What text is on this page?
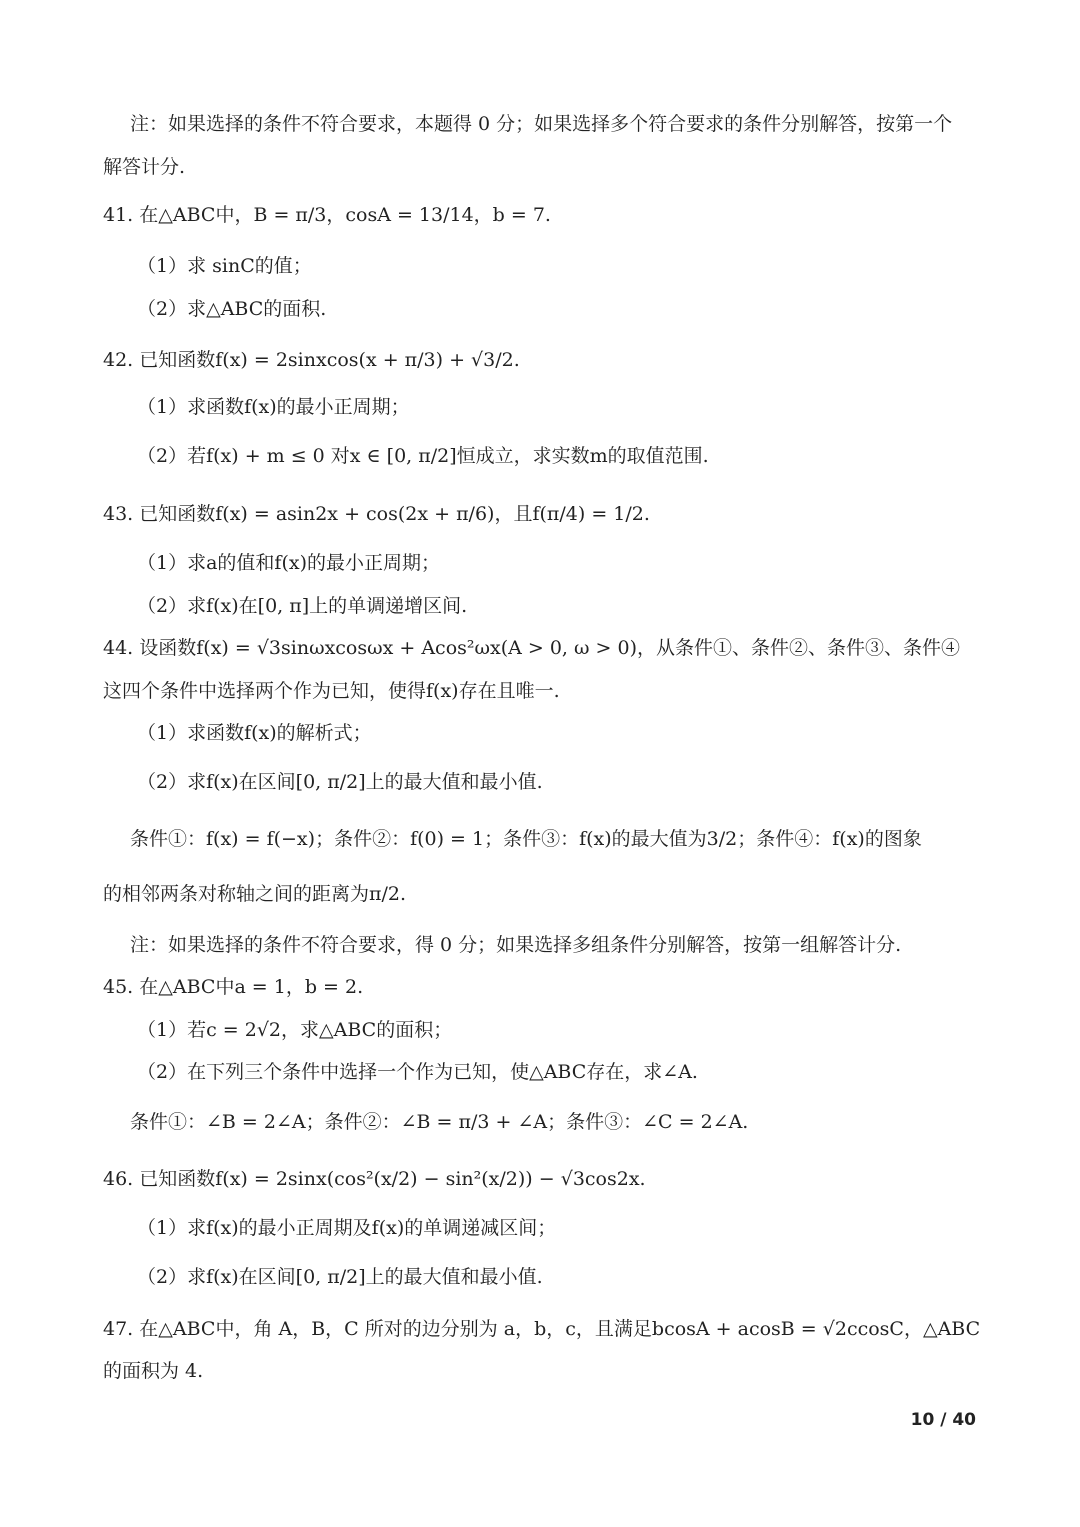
注：如果选择的条件不符合要求，本题得 0 分；如果选择多个符合要求的条件分别解答，按第一个
解答计分.
41. 在△ABC中，B = π/3，cosA = 13/14，b = 7.
（1）求 sinC的值；
（2）求△ABC的面积.
42. 已知函数f(x) = 2sinxcos(x + π/3) + √3/2.
（1）求函数f(x)的最小正周期；
（2）若f(x) + m ≤ 0 对x ∈ [0, π/2]恒成立，求实数m的取值范围.
43. 已知函数f(x) = asin2x + cos(2x + π/6)，且f(π/4) = 1/2.
（1）求a的值和f(x)的最小正周期；
（2）求f(x)在[0, π]上的单调递增区间.
44. 设函数f(x) = √3sinωxcosωx + Acos²ωx(A > 0, ω > 0)，从条件①、条件②、条件③、条件④
这四个条件中选择两个作为已知，使得f(x)存在且唯一.
（1）求函数f(x)的解析式；
（2）求f(x)在区间[0, π/2]上的最大值和最小值.
条件①：f(x) = f(−x)；条件②：f(0) = 1；条件③：f(x)的最大值为3/2；条件④：f(x)的图象
的相邻两条对称轴之间的距离为π/2.
注：如果选择的条件不符合要求，得 0 分；如果选择多组条件分别解答，按第一组解答计分.
45. 在△ABC中a = 1，b = 2.
（1）若c = 2√2，求△ABC的面积；
（2）在下列三个条件中选择一个作为已知，使△ABC存在，求∠A.
条件①：∠B = 2∠A；条件②：∠B = π/3 + ∠A；条件③：∠C = 2∠A.
46. 已知函数f(x) = 2sinx(cos²(x/2) − sin²(x/2)) − √3cos2x.
（1）求f(x)的最小正周期及f(x)的单调递减区间；
（2）求f(x)在区间[0, π/2]上的最大值和最小值.
47. 在△ABC中，角 A，B，C 所对的边分别为 a，b，c，且满足bcosA + acosB = √2ccosC，△ABC
的面积为 4.
10 / 40
